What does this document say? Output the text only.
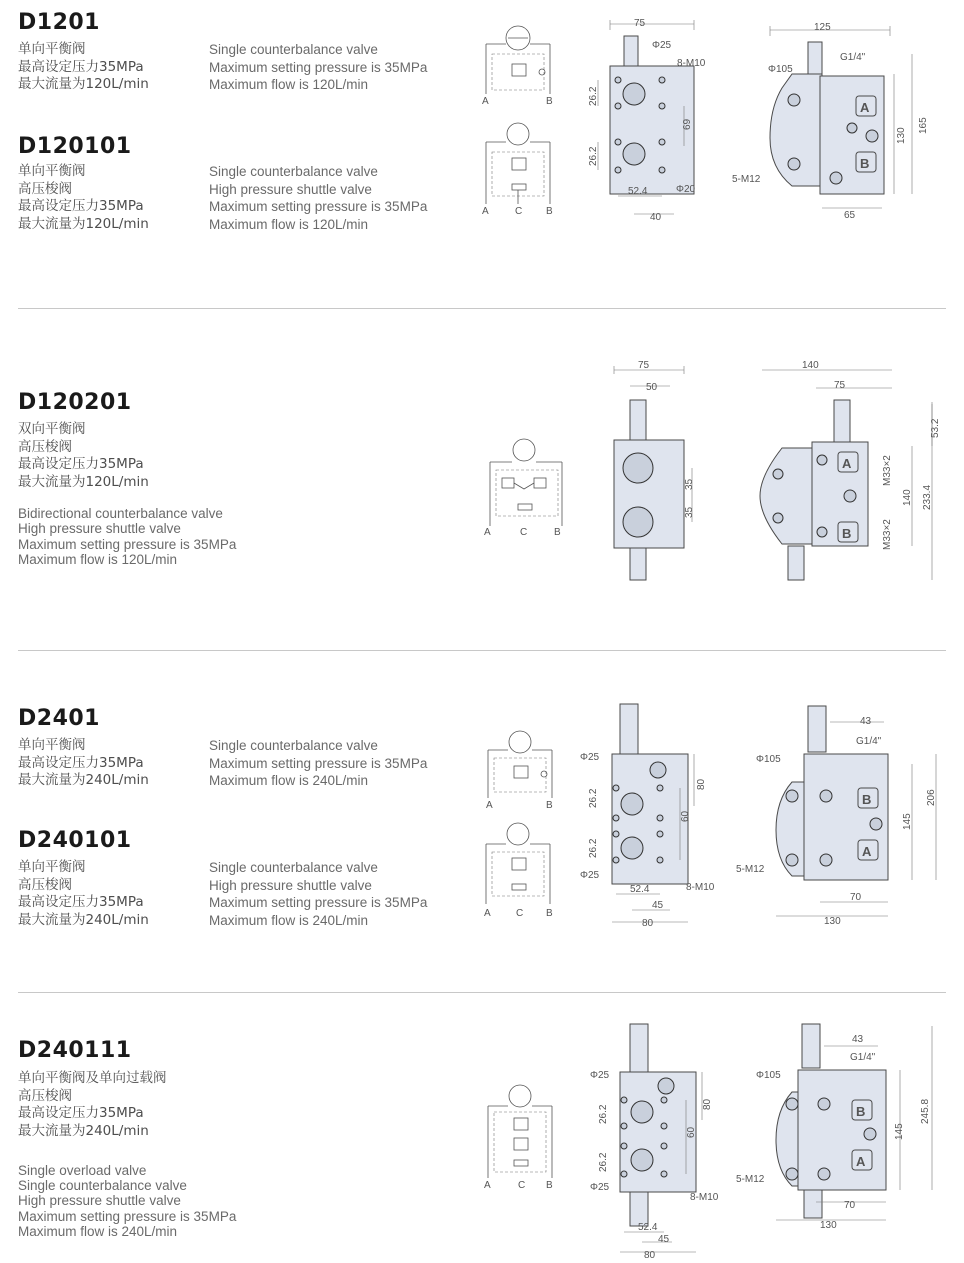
D1201
单向平衡阀
最高设定压力35MPa
最大流量为120L/min
Single counterbalance valve
Maximum setting pressure is 35MPa
Maximum flow is 120L/min
D120101
单向平衡阀
高压梭阀
最高设定压力35MPa
最大流量为120L/min
Single counterbalance valve
High pressure shuttle valve
Maximum setting pressure is 35MPa
Maximum flow is 120L/min
A	B
A	C B
75
Φ25
8-M10
26.2
69
26.2
52.4	Φ20
40
125
Φ105
G1/4"
A
B
130
165
5-M12
65
D120201
双向平衡阀
高压梭阀
最高设定压力35MPa
最大流量为120L/min
Bidirectional counterbalance valve
High pressure shuttle valve
Maximum setting pressure is 35MPa
Maximum flow is 120L/min
A	C	B
75
50
35
35
140
75
A
B
53.2
M33×2
140 233.4
M33×2
D2401
单向平衡阀
最高设定压力35MPa
最大流量为240L/min
Single counterbalance valve
Maximum setting pressure is 35MPa
Maximum flow is 240L/min
D240101
单向平衡阀
高压梭阀
最高设定压力35MPa
最大流量为240L/min
Single counterbalance valve
High pressure shuttle valve
Maximum setting pressure is 35MPa
Maximum flow is 240L/min
A	B
A	C B
Φ25
26.2
80
60
26.2
Φ25
52.4	8-M10
45
80
43
G1/4"
Φ105
B
A
206
145
5-M12
70
130
D240111
单向平衡阀及单向过载阀
高压梭阀
最高设定压力35MPa
最大流量为240L/min
Single overload valve
Single counterbalance valve
High pressure shuttle valve
Maximum setting pressure is 35MPa
Maximum flow is 240L/min
A	C B
Φ25
26.2
80
60
26.2
Φ25
8-M10
52.4
45
80
43
G1/4"
Φ105
B
A
245.8
145
5-M12
70
130
